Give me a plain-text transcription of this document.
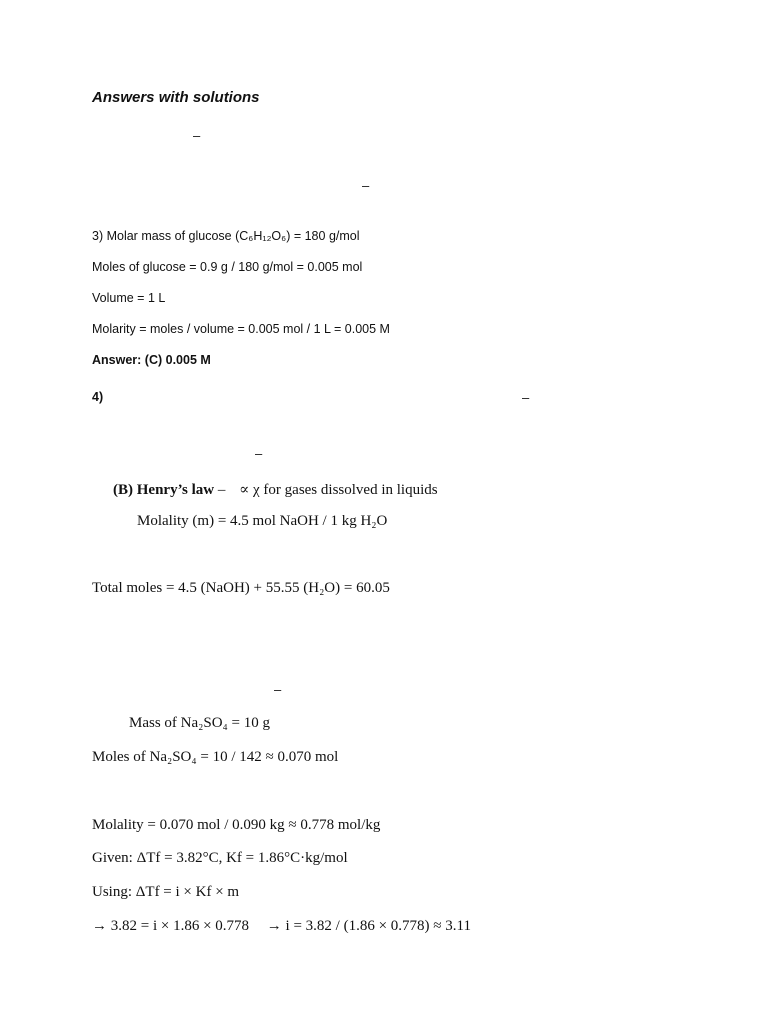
Answers with solutions

–
–

3) Molar mass of glucose (C₆H₁₂O₆) = 180 g/mol

Moles of glucose = 0.9 g / 180 g/mol = 0.005 mol

Volume = 1 L

Molarity = moles / volume = 0.005 mol / 1 L = 0.005 M

Answer: (C) 0.005 M

4)	–
–

(B) Henry’s law – ∝ χ for gases dissolved in liquids

Molality (m) = 4.5 mol NaOH / 1 kg H₂O

Total moles = 4.5 (NaOH) + 55.55 (H₂O) = 60.05

–

Mass of Na₂SO₄ = 10 g

Moles of Na₂SO₄ = 10 / 142 ≈ 0.070 mol

Molality = 0.070 mol / 0.090 kg ≈ 0.778 mol/kg

Given: ΔTf = 3.82°C, Kf = 1.86°C·kg/mol

Using: ΔTf = i × Kf × m

→ 3.82 = i × 1.86 × 0.778 → i = 3.82 / (1.86 × 0.778) ≈ 3.11
